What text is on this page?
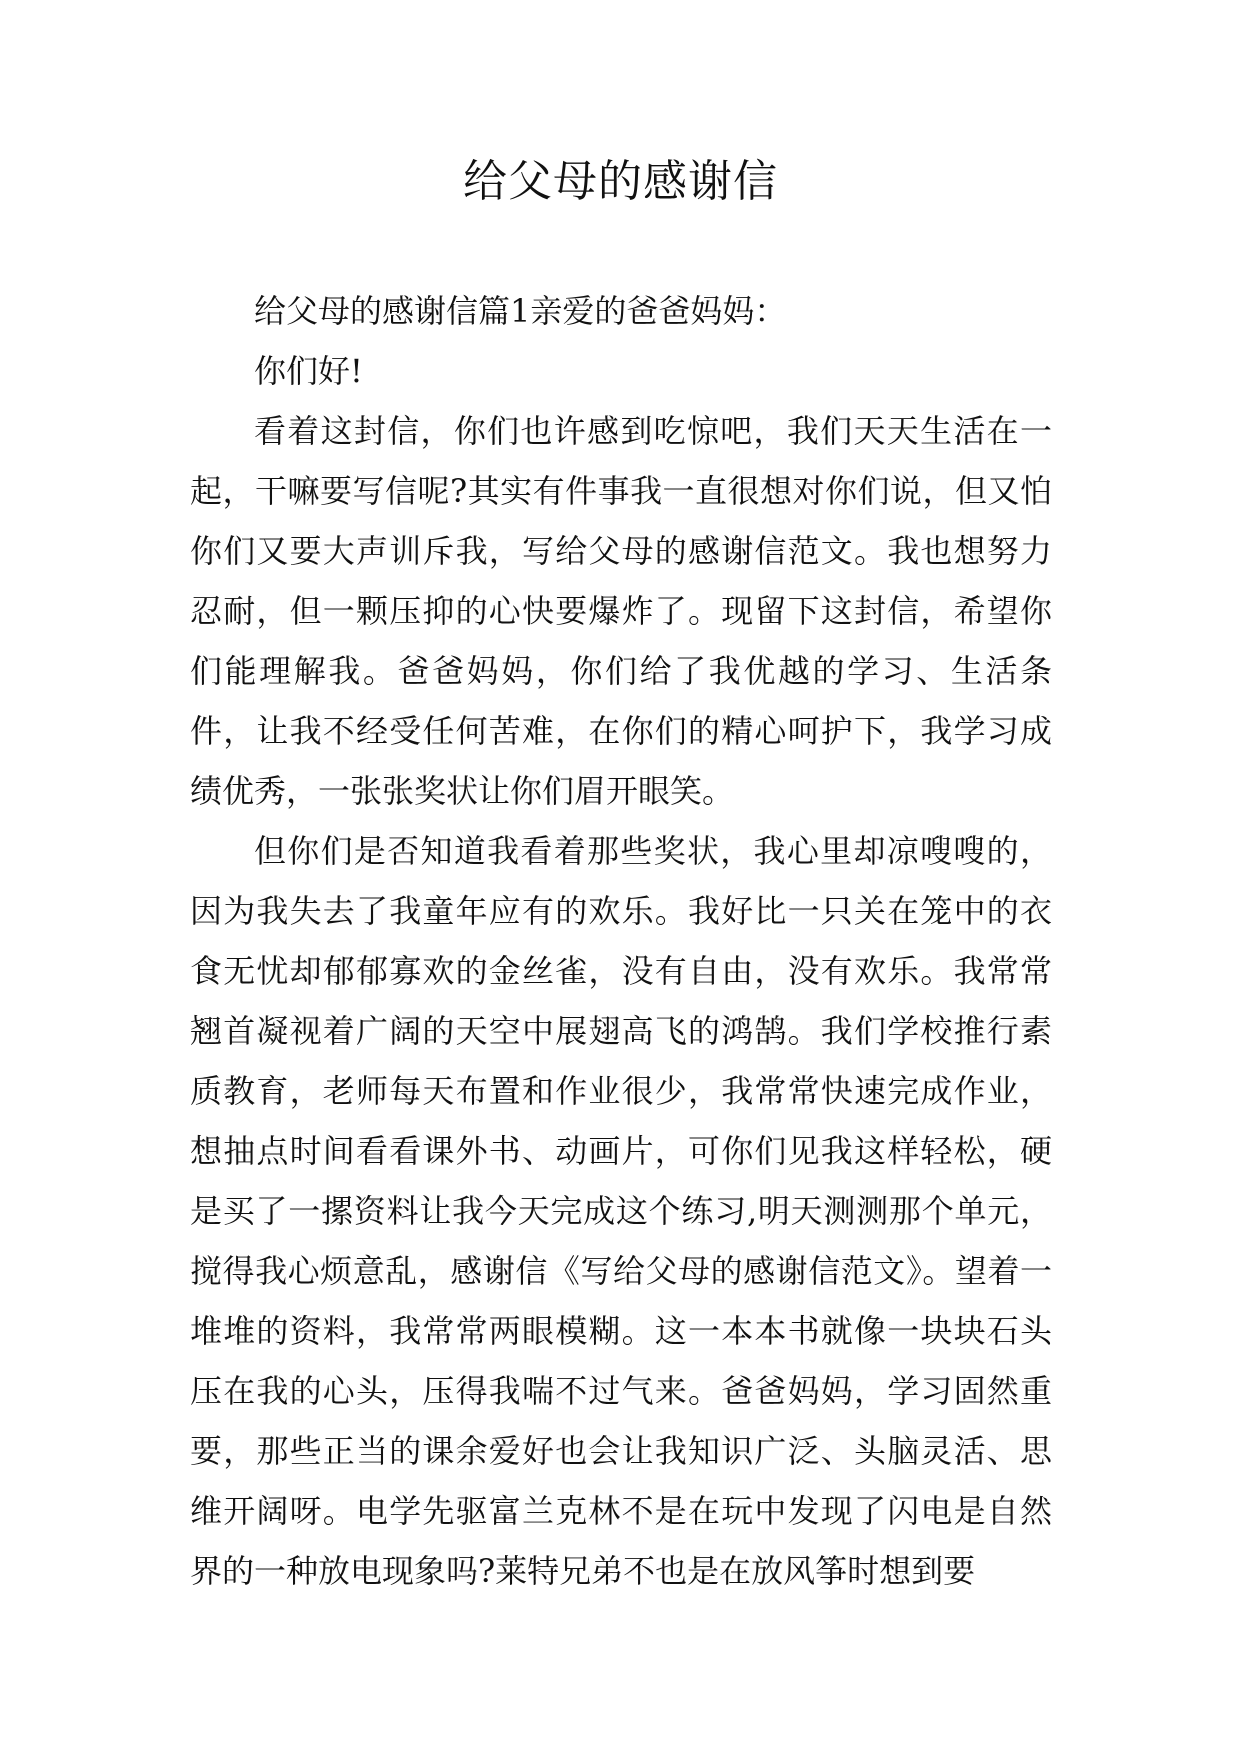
给父母的感谢信

给父母的感谢信篇1亲爱的爸爸妈妈：

你们好!

看着这封信，你们也许感到吃惊吧，我们天天生活在一起，干嘛要写信呢?其实有件事我一直很想对你们说，但又怕你们又要大声训斥我，写给父母的感谢信范文。我也想努力忍耐，但一颗压抑的心快要爆炸了。现留下这封信，希望你们能理解我。爸爸妈妈，你们给了我优越的学习、生活条件，让我不经受任何苦难，在你们的精心呵护下，我学习成绩优秀，一张张奖状让你们眉开眼笑。

但你们是否知道我看着那些奖状，我心里却凉嗖嗖的，因为我失去了我童年应有的欢乐。我好比一只关在笼中的衣食无忧却郁郁寡欢的金丝雀，没有自由，没有欢乐。我常常翘首凝视着广阔的天空中展翅高飞的鸿鹄。我们学校推行素质教育，老师每天布置和作业很少，我常常快速完成作业，想抽点时间看看课外书、动画片，可你们见我这样轻松，硬是买了一摞资料让我今天完成这个练习,明天测测那个单元，搅得我心烦意乱，感谢信《写给父母的感谢信范文》。望着一堆堆的资料，我常常两眼模糊。这一本本书就像一块块石头压在我的心头，压得我喘不过气来。爸爸妈妈，学习固然重要，那些正当的课余爱好也会让我知识广泛、头脑灵活、思维开阔呀。电学先驱富兰克林不是在玩中发现了闪电是自然界的一种放电现象吗?莱特兄弟不也是在放风筝时想到要
